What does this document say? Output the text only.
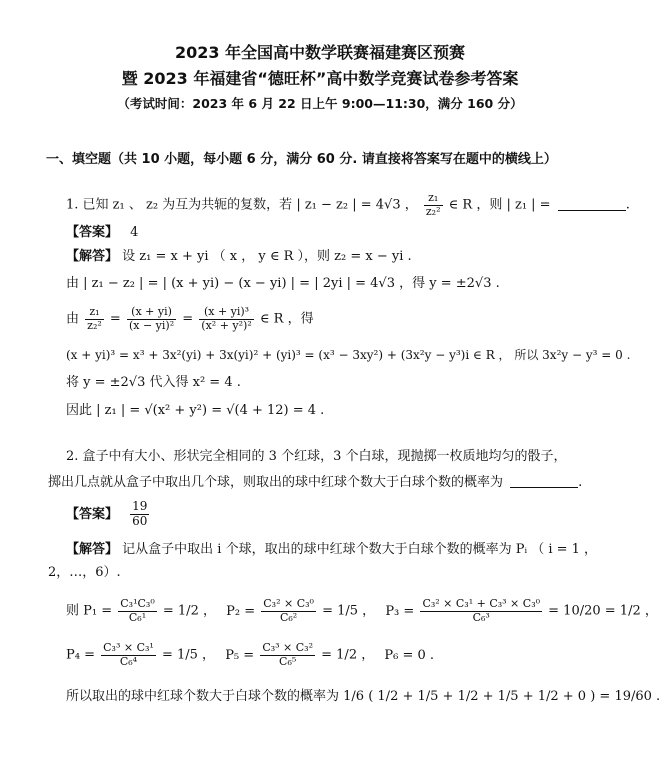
2023 年全国高中数学联赛福建赛区预赛
暨 2023 年福建省“德旺杯”高中数学竞赛试卷参考答案
（考试时间：2023 年 6 月 22 日上午 9:00—11:30，满分 160 分）
一、填空题（共 10 小题，每小题 6 分，满分 60 分. 请直接将答案写在题中的横线上）
1. 已知 z₁ 、 z₂ 为互为共轭的复数，若 | z₁ − z₂ | = 4√3 ， $\frac{\text{z₁}}{\text{z₂²}}$ ∈ R ，则 | z₁ | =	.
【答案】 4
【解答】 设 z₁ = x + yi （ x ， y ∈ R ），则 z₂ = x − yi .
由 | z₁ − z₂ | = | (x + yi) − (x − yi) | = | 2yi | = 4√3 ，得 y = ±2√3 .
由 $\frac{\text{z₁}}{\text{z₂²}} = \frac{(x + yi)}{\text{(x − yi)²}} = \frac{\text{(x + yi)³}}{\text{(x² + y²)²}}$ ∈ R ，得
(x + yi)³ = x³ + 3x²(yi) + 3x(yi)² + (yi)³ = (x³ − 3xy²) + (3x²y − y³)i ∈ R ， 所以 3x²y − y³ = 0 .
将 y = ±2√3 代入得 x² = 4 .
因此 | z₁ | = √(x² + y²) = √(4 + 12) = 4 .
2. 盒子中有大小、形状完全相同的 3 个红球，3 个白球，现抛掷一枚质地均匀的骰子，
掷出几点就从盒子中取出几个球，则取出的球中红球个数大于白球个数的概率为	.
【答案】 $\frac{19}{60}$
【解答】 记从盒子中取出 i 个球，取出的球中红球个数大于白球个数的概率为 Pᵢ （ i = 1 ，
2，…，6）.
则 $P_1 = \frac{\text{C₃¹C₃⁰}}{\text{C₆¹}} = 1/2$ ， $P_2 = \frac{\text{C₃² × C₃⁰}}{\text{C₆²}} = 1/5$ ， $P_3 = \frac{\text{C₃² × C₃¹ + C₃³ × C₃⁰}}{\text{C₆³}} = 10/20 = 1/2$ ，
$P_4 = \frac{\text{C₃³ × C₃¹}}{\text{C₆⁴}} = 1/5$ ， $P_5 = \frac{\text{C₃³ × C₃²}}{\text{C₆⁵}} = 1/2$ ， P₆ = 0 .
所以取出的球中红球个数大于白球个数的概率为 1/6 ( 1/2 + 1/5 + 1/2 + 1/5 + 1/2 + 0 ) = 19/60 .
